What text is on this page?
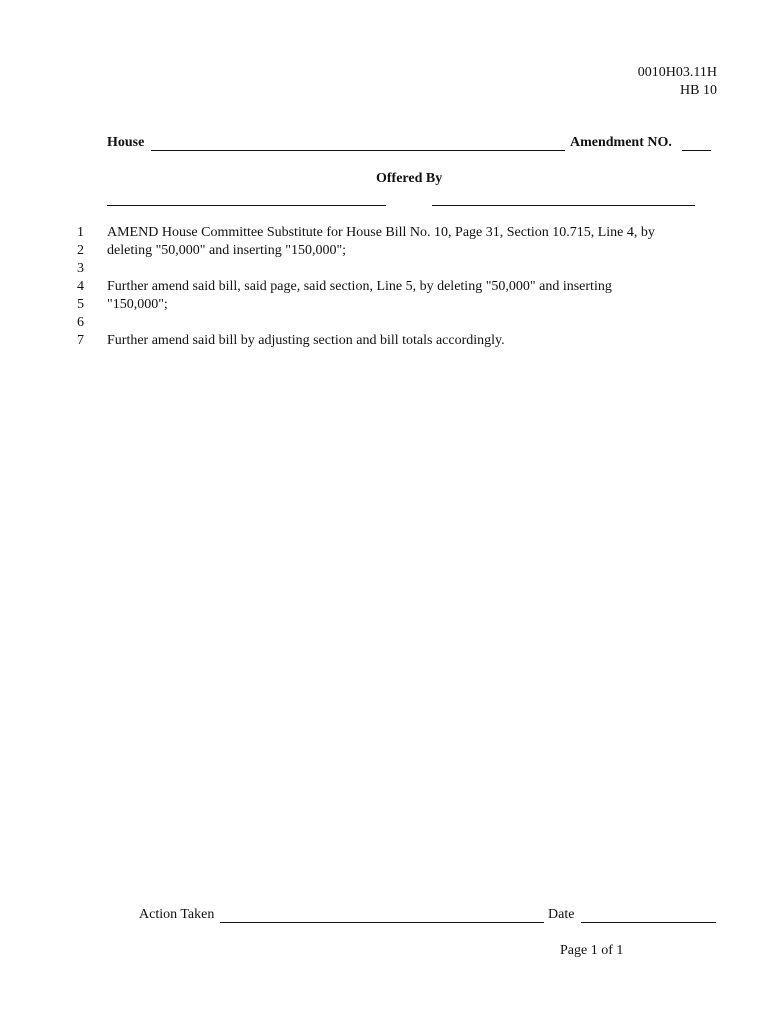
0010H03.11H
HB 10
House	Amendment NO.
Offered By
1 AMEND House Committee Substitute for House Bill No. 10, Page 31, Section 10.715, Line 4, by
2 deleting "50,000" and inserting "150,000";
3
4 Further amend said bill, said page, said section, Line 5, by deleting "50,000" and inserting
5 "150,000";
6
7 Further amend said bill by adjusting section and bill totals accordingly.
Action Taken	Date
Page 1 of 1
